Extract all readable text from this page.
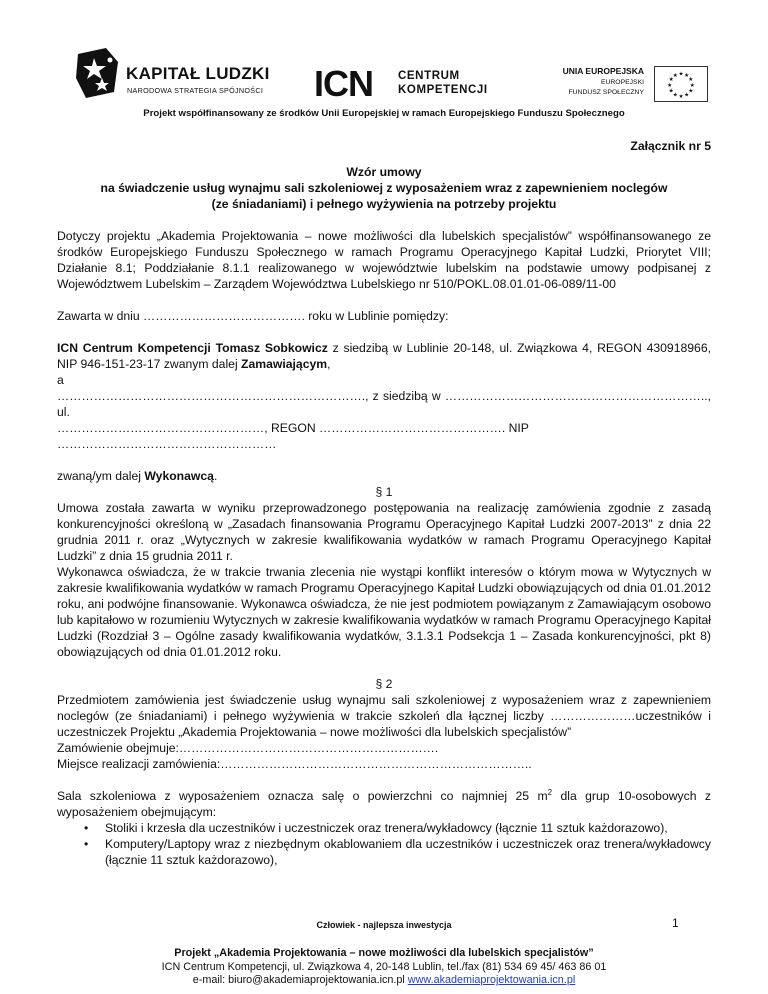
KAPITAŁ LUDZKI
NARODOWA STRATEGIA SPÓJNOŚCI ICN CENTRUM
KOMPETENCJI
UNIA EUROPEJSKA
EUROPEJSKI
FUNDUSZ SPOŁECZNY
★ ★
★
★
★
★
★
★
★
★
★
★
Projekt współfinansowany ze środków Unii Europejskiej w ramach Europejskiego Funduszu Społecznego

Załącznik nr 5

Wzór umowy

na świadczenie usług wynajmu sali szkoleniowej z wyposażeniem wraz z zapewnieniem noclegów

(ze śniadaniami) i pełnego wyżywienia na potrzeby projektu

Dotyczy projektu „Akademia Projektowania – nowe możliwości dla lubelskich specjalistów” współfinansowanego ze środków Europejskiego Funduszu Społecznego w ramach Programu Operacyjnego Kapitał Ludzki, Priorytet VIII; Działanie 8.1; Poddziałanie 8.1.1 realizowanego w województwie lubelskim na podstawie umowy podpisanej z Województwem Lubelskim – Zarządem Województwa Lubelskiego nr 510/POKL.08.01.01-06-089/11-00

Zawarta w dniu …………………………………. roku w Lublinie pomiędzy:

ICN Centrum Kompetencji Tomasz Sobkowicz z siedzibą w Lublinie 20-148, ul. Związkowa 4, REGON 430918966, NIP 946-151-23-17 zwanym dalej Zamawiającym,

a

…………………………………………………………………., z siedzibą w ……………………………………………………….., ul.

……………………………………………, REGON ………………………………………. NIP ………………………………………………

zwaną/ym dalej Wykonawcą.

§ 1

Umowa została zawarta w wyniku przeprowadzonego postępowania na realizację zamówienia zgodnie z zasadą konkurencyjności określoną w „Zasadach finansowania Programu Operacyjnego Kapitał Ludzki 2007-2013” z dnia 22 grudnia 2011 r. oraz „Wytycznych w zakresie kwalifikowania wydatków w ramach Programu Operacyjnego Kapitał Ludzki” z dnia 15 grudnia 2011 r.

Wykonawca oświadcza, że w trakcie trwania zlecenia nie wystąpi konflikt interesów o którym mowa w Wytycznych w zakresie kwalifikowania wydatków w ramach Programu Operacyjnego Kapitał Ludzki obowiązujących od dnia 01.01.2012 roku, ani podwójne finansowanie. Wykonawca oświadcza, że nie jest podmiotem powiązanym z Zamawiającym osobowo lub kapitałowo w rozumieniu Wytycznych w zakresie kwalifikowania wydatków w ramach Programu Operacyjnego Kapitał Ludzki (Rozdział 3 – Ogólne zasady kwalifikowania wydatków, 3.1.3.1 Podsekcja 1 – Zasada konkurencyjności, pkt 8) obowiązujących od dnia 01.01.2012 roku.

§ 2

Przedmiotem zamówienia jest świadczenie usług wynajmu sali szkoleniowej z wyposażeniem wraz z zapewnieniem noclegów (ze śniadaniami) i pełnego wyżywienia w trakcie szkoleń dla łącznej liczby …………………uczestników i uczestniczek Projektu „Akademia Projektowania – nowe możliwości dla lubelskich specjalistów”

Zamówienie obejmuje:……………………………………………………….

Miejsce realizacji zamówienia:…………………………………………………………………..

Sala szkoleniowa z wyposażeniem oznacza salę o powierzchni co najmniej 25 $m^2$ dla grup 10-osobowych z wyposażeniem obejmującym:

• Stoliki i krzesła dla uczestników i uczestniczek oraz trenera/wykładowcy (łącznie 11 sztuk każdorazowo),
• Komputery/Laptopy wraz z niezbędnym okablowaniem dla uczestników i uczestniczek oraz trenera/wykładowcy (łącznie 11 sztuk każdorazowo),
Człowiek - najlepsza inwestycja	1
Projekt „Akademia Projektowania – nowe możliwości dla lubelskich specjalistów”
ICN Centrum Kompetencji, ul. Związkowa 4, 20-148 Lublin, tel./fax (81) 534 69 45/ 463 86 01
e-mail: biuro@akademiaprojektowania.icn.pl www.akademiaprojektowania.icn.pl
